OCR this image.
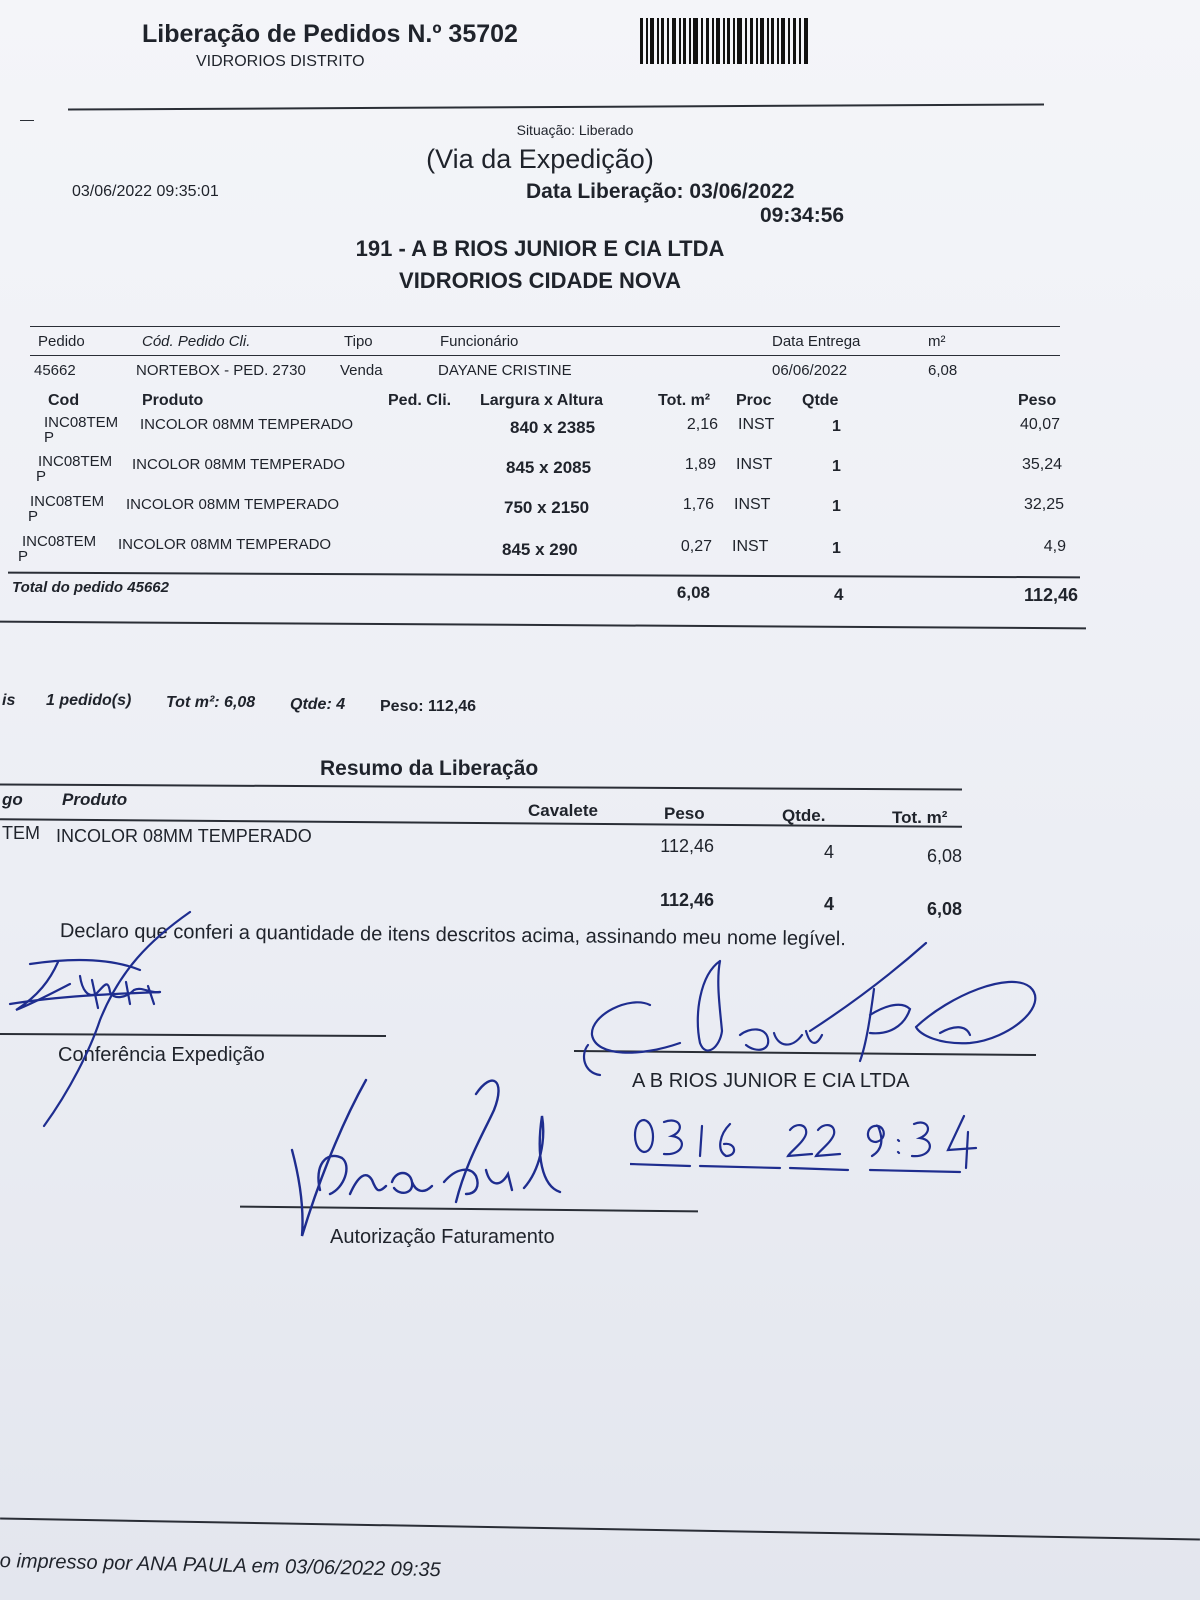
Liberação de Pedidos N.º 35702
VIDRORIOS DISTRITO
Situação: Liberado
(Via da Expedição)
03/06/2022 09:35:01	Data Liberação: 03/06/2022
09:34:56
191 - A B RIOS JUNIOR E CIA LTDA
VIDRORIOS CIDADE NOVA
Pedido	Cód. Pedido Cli.	Tipo	Funcionário	Data Entrega	m²
45662	NORTEBOX - PED. 2730 Venda	DAYANE CRISTINE	06/06/2022	6,08
Cod	Produto	Ped. Cli. Largura x Altura	Tot. m² Proc Qtde	Peso
INC08TEM
P
INCOLOR 08MM TEMPERADO	840 x 2385	2,16 INST	1	40,07
INC08TEM
P
INCOLOR 08MM TEMPERADO	845 x 2085	1,89 INST	1	35,24
INC08TEM
P
INCOLOR 08MM TEMPERADO	750 x 2150	1,76 INST	1	32,25
INC08TEM
P
INCOLOR 08MM TEMPERADO	845 x 290	0,27 INST	1	4,9
Total do pedido 45662	6,08	4	112,46
is 1 pedido(s) Tot m²: 6,08 Qtde: 4 Peso: 112,46
Resumo da Liberação
go Produto
Cavalete	Peso	Qtde.	Tot. m²
TEM INCOLOR 08MM TEMPERADO	112,46	4	6,08
112,46	4	6,08
Declaro que conferi a quantidade de itens descritos acima, assinando meu nome legível.
Conferência Expedição
A B RIOS JUNIOR E CIA LTDA
Autorização Faturamento
o impresso por ANA PAULA em 03/06/2022 09:35
